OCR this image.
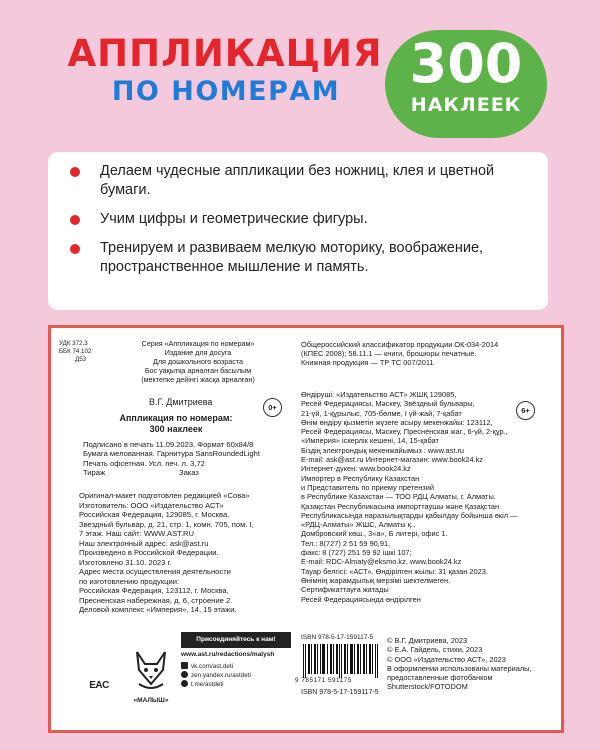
АППЛИКАЦИЯ
ПО НОМЕРАМ	300
НАКЛЕЕК
Делаем чудесные аппликации без ножниц, клея и цветной бумаги.
Учим цифры и геометрические фигуры.
Тренируем и развиваем мелкую моторику, воображение, пространственное мышление и память.
УДК 372.3
ББК 74.102
Д53
Серия «Аппликация по номерам»
Издание для досуга
Для дошкольного возраста
Бос уақытқа арналған басылым
(мектепке дейінгі жасқа арналған)
В.Г. Дмитриева
0+
Аппликация по номерам:
300 наклеек
Подписано в печать 11.09.2023. Формат 60х84/8
Бумага мелованная. Гарнитура SansRoundedLight
Печать офсетная. Усл. печ. л. 3,72
Тираж	Заказ
Оригинал-макет подготовлен редакцией «Сова»
Изготовитель: ООО «Издательство АСТ»
Российская Федерация, 129085, г. Москва,
Звездный бульвар, д. 21, стр. 1, комн. 705, пом. I,
7 этаж. Наш сайт: WWW.AST.RU
Наш электронный адрес: ask@ast.ru
Произведено в Российской Федерации.
Изготовлено 31.10. 2023 г.
Адрес места осуществления деятельности
по изготовлению продукции:
Российская Федерация, 123112, г. Москва,
Пресненская набережная, д. 6, строение 2.
Деловой комплекс «Империя», 14, 15 этажи.
Общероссийский классификатор продукции ОК-034-2014
(КПЕС 2008); 58.11.1 — книги, брошюры печатные.
Книжная продукция — ТР ТС 007/2011
6+
Өндіруші: «Издательство АСТ» ЖШҚ 129085,
Ресей Федерациясы, Мәскеу, Звёздный бульвары,
21-үй, 1-құрылыс, 705-бөлме, I үй-жай, 7-қабат
Өнім өндіру қызметін жүзеге асыру мекенжайы: 123112,
Ресей Федерациясы, Мәскеу, Пресненская жаг., 6-үй, 2-құр.,
«Империя» іскерлік кешені, 14, 15-қабат
Біздің электрондық мекенжайымыз : www.ast.ru
E-mail: ask@ast.ru Интернет-магазин: www.book24.kz
Интернет-дүкен: www.book24.kz
Импортер в Республику Казахстан
и Представитель по приему претензий
в Республике Казахстан — ТОО РДЦ Алматы, г. Алматы.
Қазақстан Республикасына импорттаушы және Қазақстан
Республикасында наразылықтарды қабылдау бойынша өкіл —
«РДЦ-Алматы» ЖШС, Алматы қ.,
Домбровский көш., 3«а», Б литері, офис 1.
Тел.: 8(727) 2 51 59 90,91,
факс: 8 (727) 251 59 92 ішкі 107;
E-mail: RDC-Almaty@eksmo.kz, www.book24.kz
Тауар белгісі: «АСТ». Өндірілген жылы: 31 қазан 2023.
Өнімнің жарамдылық мерзімі шектелмеген.
Сертификаттауға жатады
Ресей Федерациясында өндірілген
EAC
«МАЛЫШ»
Присоединяйтесь к нам!
www.ast.ru/redactions/malysh
vk.com/ast.deti
zen.yandex.ru/astdeti
t.me/astdeti
ISBN 978-5-17-159117-5
9 785171 591175
ISBN 978-5-17-159117-5
© В.Г. Дмитриева, 2023
© Е.А. Гайдель, стихи, 2023
© ООО «Издательство АСТ», 2023
В оформлении использованы материалы,
предоставленные фотобанком
Shutterstock/FOTODOM
